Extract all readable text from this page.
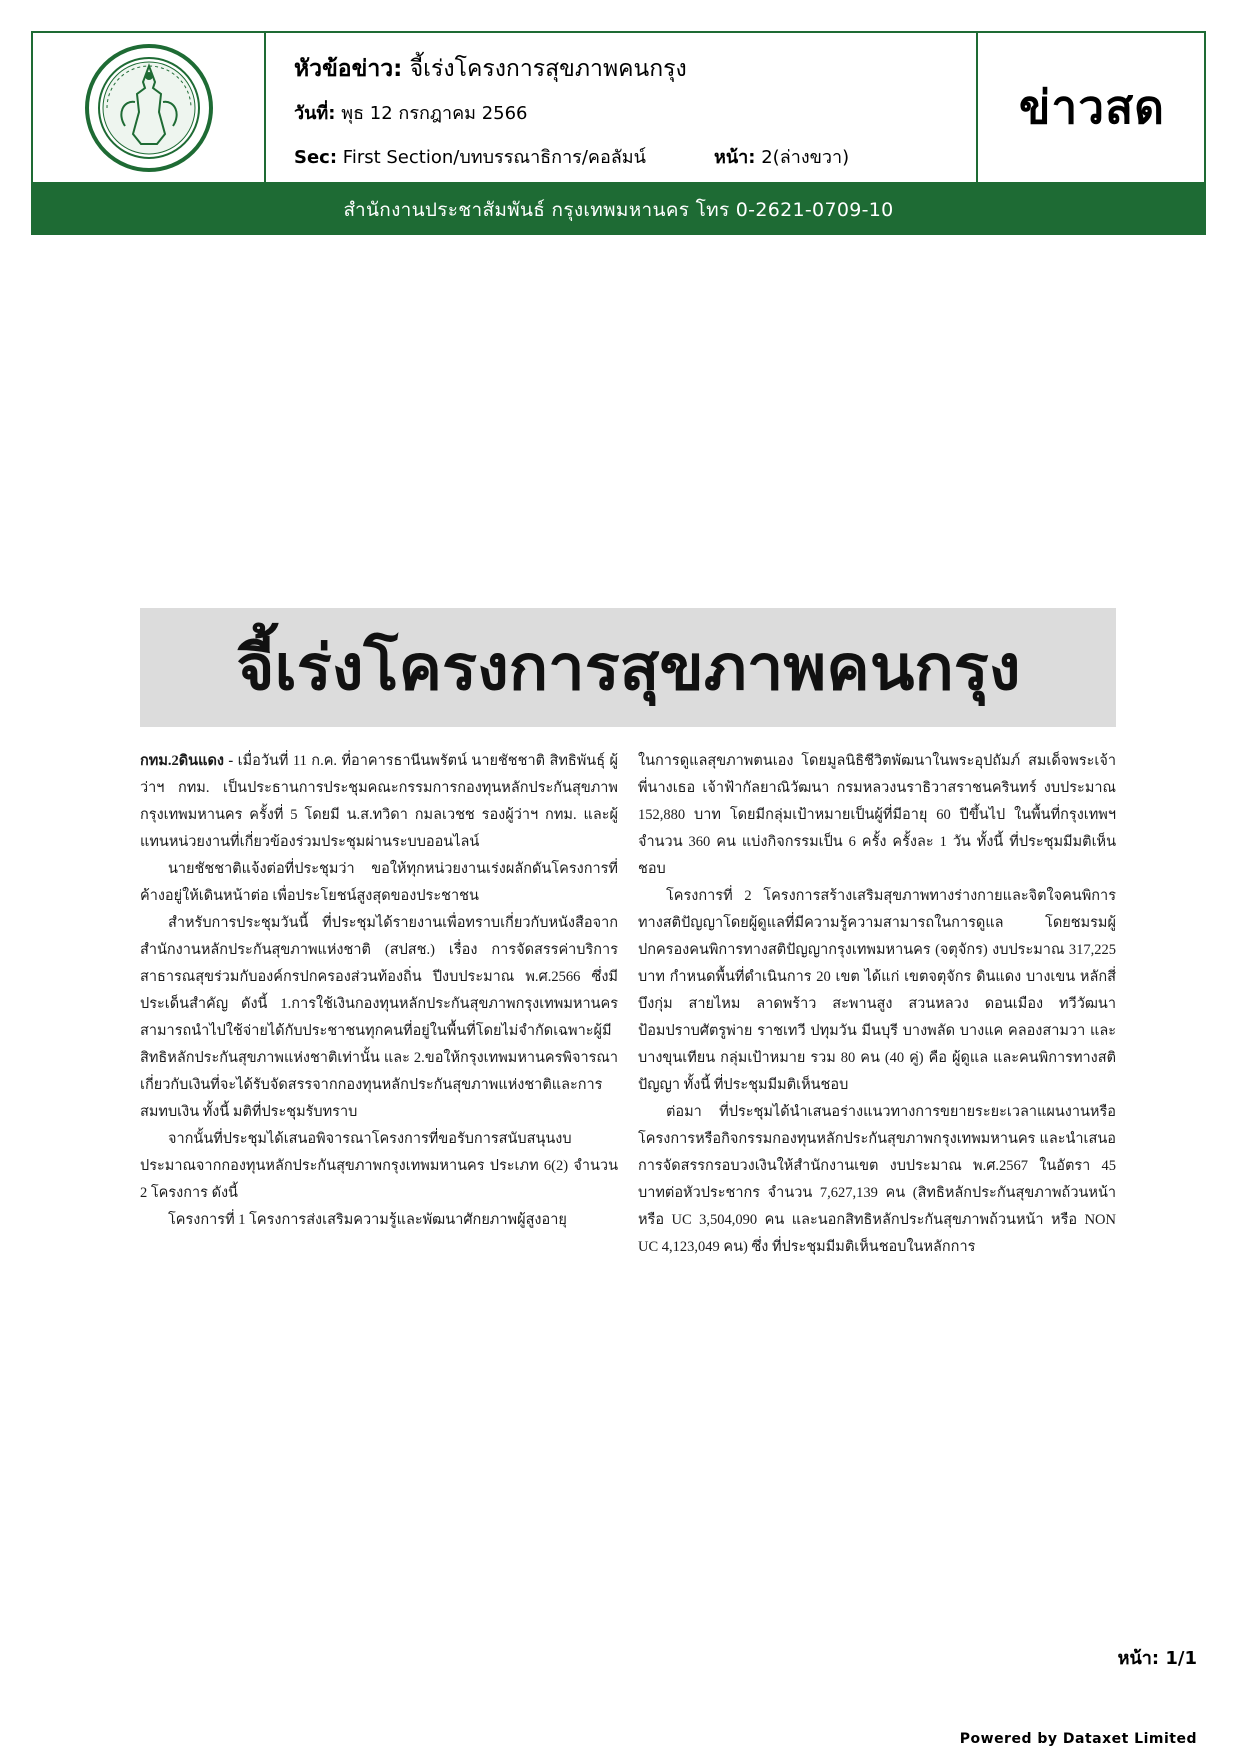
หัวข้อข่าว: จี้เร่งโครงการสุขภาพคนกรุง
วันที่: พุธ 12 กรกฎาคม 2566
Sec: First Section/บทบรรณาธิการ/คอลัมน์	หน้า: 2(ล่างขวา)
ข่าวสด
สำนักงานประชาสัมพันธ์ กรุงเทพมหานคร โทร 0-2621-0709-10
จี้เร่งโครงการสุขภาพคนกรุง

กทม.2ดินแดง - เมื่อวันที่ 11 ก.ค. ที่อาคารธานีนพรัตน์ นายชัชชาติ สิทธิพันธุ์ ผู้ว่าฯ กทม. เป็นประธานการประชุมคณะกรรมการกองทุนหลักประกันสุขภาพกรุงเทพมหานคร ครั้งที่ 5 โดยมี น.ส.ทวิดา กมลเวชช รองผู้ว่าฯ กทม. และผู้แทนหน่วยงานที่เกี่ยวข้องร่วมประชุมผ่านระบบออนไลน์

นายชัชชาติแจ้งต่อที่ประชุมว่า ขอให้ทุกหน่วยงานเร่งผลักดันโครงการที่ค้างอยู่ให้เดินหน้าต่อ เพื่อประโยชน์สูงสุดของประชาชน

สำหรับการประชุมวันนี้ ที่ประชุมได้รายงานเพื่อทราบเกี่ยวกับหนังสือจากสำนักงานหลักประกันสุขภาพแห่งชาติ (สปสช.) เรื่อง การจัดสรรค่าบริการสาธารณสุขร่วมกับองค์กรปกครองส่วนท้องถิ่น ปีงบประมาณ พ.ศ.2566 ซึ่งมีประเด็นสำคัญ ดังนี้ 1.การใช้เงินกองทุนหลักประกันสุขภาพกรุงเทพมหานครสามารถนำไปใช้จ่ายได้กับประชาชนทุกคนที่อยู่ในพื้นที่โดยไม่จำกัดเฉพาะผู้มีสิทธิหลักประกันสุขภาพแห่งชาติเท่านั้น และ 2.ขอให้กรุงเทพมหานครพิจารณาเกี่ยวกับเงินที่จะได้รับจัดสรรจากกองทุนหลักประกันสุขภาพแห่งชาติและการสมทบเงิน ทั้งนี้ มติที่ประชุมรับทราบ

จากนั้นที่ประชุมได้เสนอพิจารณาโครงการที่ขอรับการสนับสนุนงบประมาณจากกองทุนหลักประกันสุขภาพกรุงเทพมหานคร ประเภท 6(2) จำนวน 2 โครงการ ดังนี้

โครงการที่ 1 โครงการส่งเสริมความรู้และพัฒนาศักยภาพผู้สูงอายุ

ในการดูแลสุขภาพตนเอง โดยมูลนิธิชีวิตพัฒนาในพระอุปถัมภ์ สมเด็จพระเจ้าพี่นางเธอ เจ้าฟ้ากัลยาณิวัฒนา กรมหลวงนราธิวาสราชนครินทร์ งบประมาณ 152,880 บาท โดยมีกลุ่มเป้าหมายเป็นผู้ที่มีอายุ 60 ปีขึ้นไป ในพื้นที่กรุงเทพฯ จำนวน 360 คน แบ่งกิจกรรมเป็น 6 ครั้ง ครั้งละ 1 วัน ทั้งนี้ ที่ประชุมมีมติเห็นชอบ

โครงการที่ 2 โครงการสร้างเสริมสุขภาพทางร่างกายและจิตใจคนพิการทางสติปัญญาโดยผู้ดูแลที่มีความรู้ความสามารถในการดูแล โดยชมรมผู้ปกครองคนพิการทางสติปัญญากรุงเทพมหานคร (จตุจักร) งบประมาณ 317,225 บาท กำหนดพื้นที่ดำเนินการ 20 เขต ได้แก่ เขตจตุจักร ดินแดง บางเขน หลักสี่ บึงกุ่ม สายไหม ลาดพร้าว สะพานสูง สวนหลวง ดอนเมือง ทวีวัฒนา ป้อมปราบศัตรูพ่าย ราชเทวี ปทุมวัน มีนบุรี บางพลัด บางแค คลองสามวา และบางขุนเทียน กลุ่มเป้าหมาย รวม 80 คน (40 คู่) คือ ผู้ดูแล และคนพิการทางสติปัญญา ทั้งนี้ ที่ประชุมมีมติเห็นชอบ

ต่อมา ที่ประชุมได้นำเสนอร่างแนวทางการขยายระยะเวลาแผนงานหรือโครงการหรือกิจกรรมกองทุนหลักประกันสุขภาพกรุงเทพมหานคร และนำเสนอการจัดสรรกรอบวงเงินให้สำนักงานเขต งบประมาณ พ.ศ.2567 ในอัตรา 45 บาทต่อหัวประชากร จำนวน 7,627,139 คน (สิทธิหลักประกันสุขภาพถ้วนหน้า หรือ UC 3,504,090 คน และนอกสิทธิหลักประกันสุขภาพถ้วนหน้า หรือ NON UC 4,123,049 คน) ซึ่ง ที่ประชุมมีมติเห็นชอบในหลักการ

หน้า: 1/1
Powered by Dataxet Limited
